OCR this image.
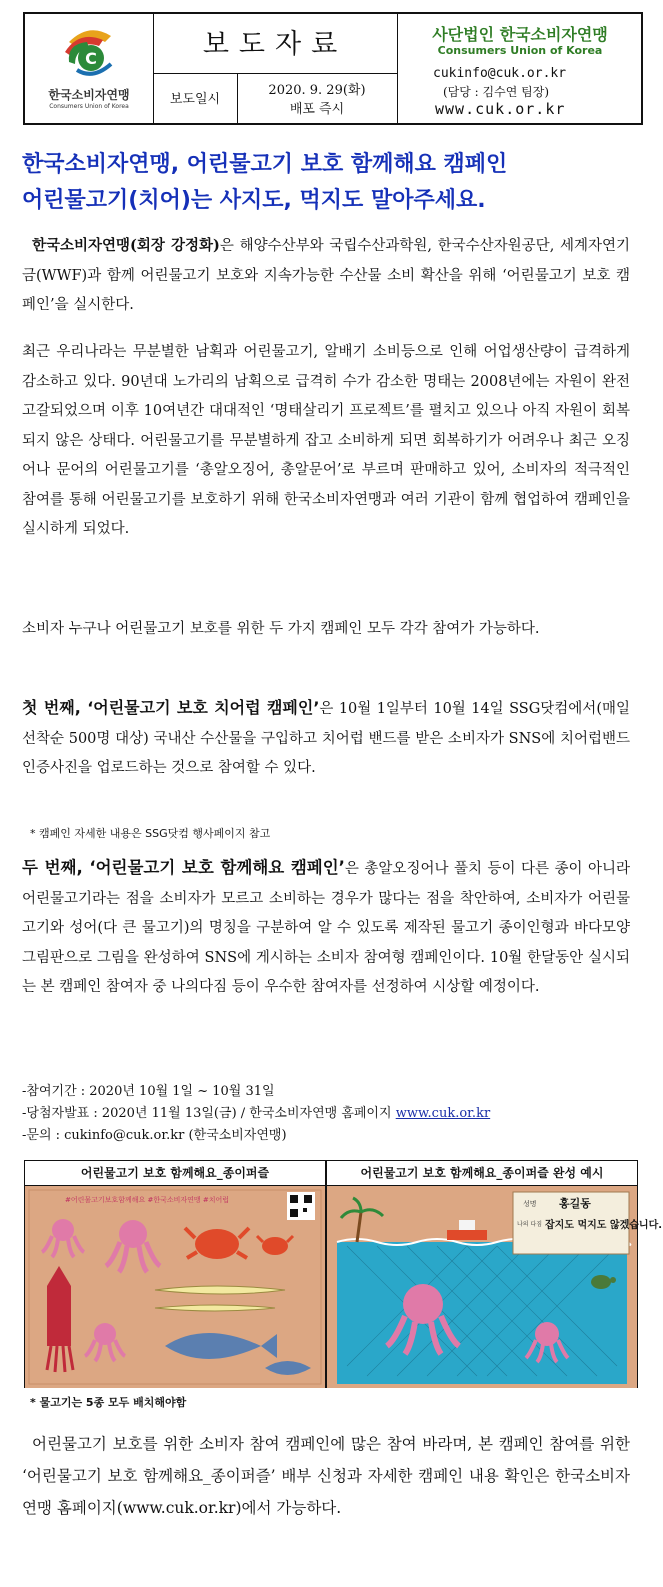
C
한국소비자연맹
Consumers Union of Korea
보도자료
보도일시
2020. 9. 29(화)
배포 즉시
사단법인 한국소비자연맹
Consumers Union of Korea
cukinfo@cuk.or.kr
(담당 : 김수연 팀장)
www.cuk.or.kr
한국소비자연맹, 어린물고기 보호 함께해요 캠페인
어린물고기(치어)는 사지도, 먹지도 말아주세요.
한국소비자연맹(회장 강정화)은 해양수산부와 국립수산과학원, 한국수산자원공단, 세계자연기금(WWF)과 함께 어린물고기 보호와 지속가능한 수산물 소비 확산을 위해 ‘어린물고기 보호 캠페인’을 실시한다.
최근 우리나라는 무분별한 남획과 어린물고기, 알배기 소비등으로 인해 어업생산량이 급격하게 감소하고 있다. 90년대 노가리의 남획으로 급격히 수가 감소한 명태는 2008년에는 자원이 완전 고갈되었으며 이후 10여년간 대대적인 ‘명태살리기 프로젝트’를 펼치고 있으나 아직 자원이 회복되지 않은 상태다. 어린물고기를 무분별하게 잡고 소비하게 되면 회복하기가 어려우나 최근 오징어나 문어의 어린물고기를 ‘총알오징어, 총알문어’로 부르며 판매하고 있어, 소비자의 적극적인 참여를 통해 어린물고기를 보호하기 위해 한국소비자연맹과 여러 기관이 함께 협업하여 캠페인을 실시하게 되었다.
소비자 누구나 어린물고기 보호를 위한 두 가지 캠페인 모두 각각 참여가 가능하다.
첫 번째, ‘어린물고기 보호 치어럽 캠페인’은 10월 1일부터 10월 14일 SSG닷컴에서(매일 선착순 500명 대상) 국내산 수산물을 구입하고 치어럽 밴드를 받은 소비자가 SNS에 치어럽밴드 인증사진을 업로드하는 것으로 참여할 수 있다.
* 캠페인 자세한 내용은 SSG닷컴 행사페이지 참고
두 번째, ‘어린물고기 보호 함께해요 캠페인’은 총알오징어나 풀치 등이 다른 종이 아니라 어린물고기라는 점을 소비자가 모르고 소비하는 경우가 많다는 점을 착안하여, 소비자가 어린물고기와 성어(다 큰 물고기)의 명칭을 구분하여 알 수 있도록 제작된 물고기 종이인형과 바다모양 그림판으로 그림을 완성하여 SNS에 게시하는 소비자 참여형 캠페인이다. 10월 한달동안 실시되는 본 캠페인 참여자 중 나의다짐 등이 우수한 참여자를 선정하여 시상할 예정이다.
-참여기간 : 2020년 10월 1일 ~ 10월 31일
-당첨자발표 : 2020년 11월 13일(금) / 한국소비자연맹 홈페이지 www.cuk.or.kr
-문의 : cukinfo@cuk.or.kr (한국소비자연맹)
어린물고기 보호 함께해요_종이퍼즐
#어린물고기보호함께해요 #한국소비자연맹 #치어럽
어린물고기 보호 함께해요_종이퍼즐 완성 예시
성명 홍길동
나의 다짐 잡지도 먹지도 않겠습니다.
* 물고기는 5종 모두 배치해야함
어린물고기 보호를 위한 소비자 참여 캠페인에 많은 참여 바라며, 본 캠페인 참여를 위한 ‘어린물고기 보호 함께해요_종이퍼즐’ 배부 신청과 자세한 캠페인 내용 확인은 한국소비자연맹 홈페이지(www.cuk.or.kr)에서 가능하다.
